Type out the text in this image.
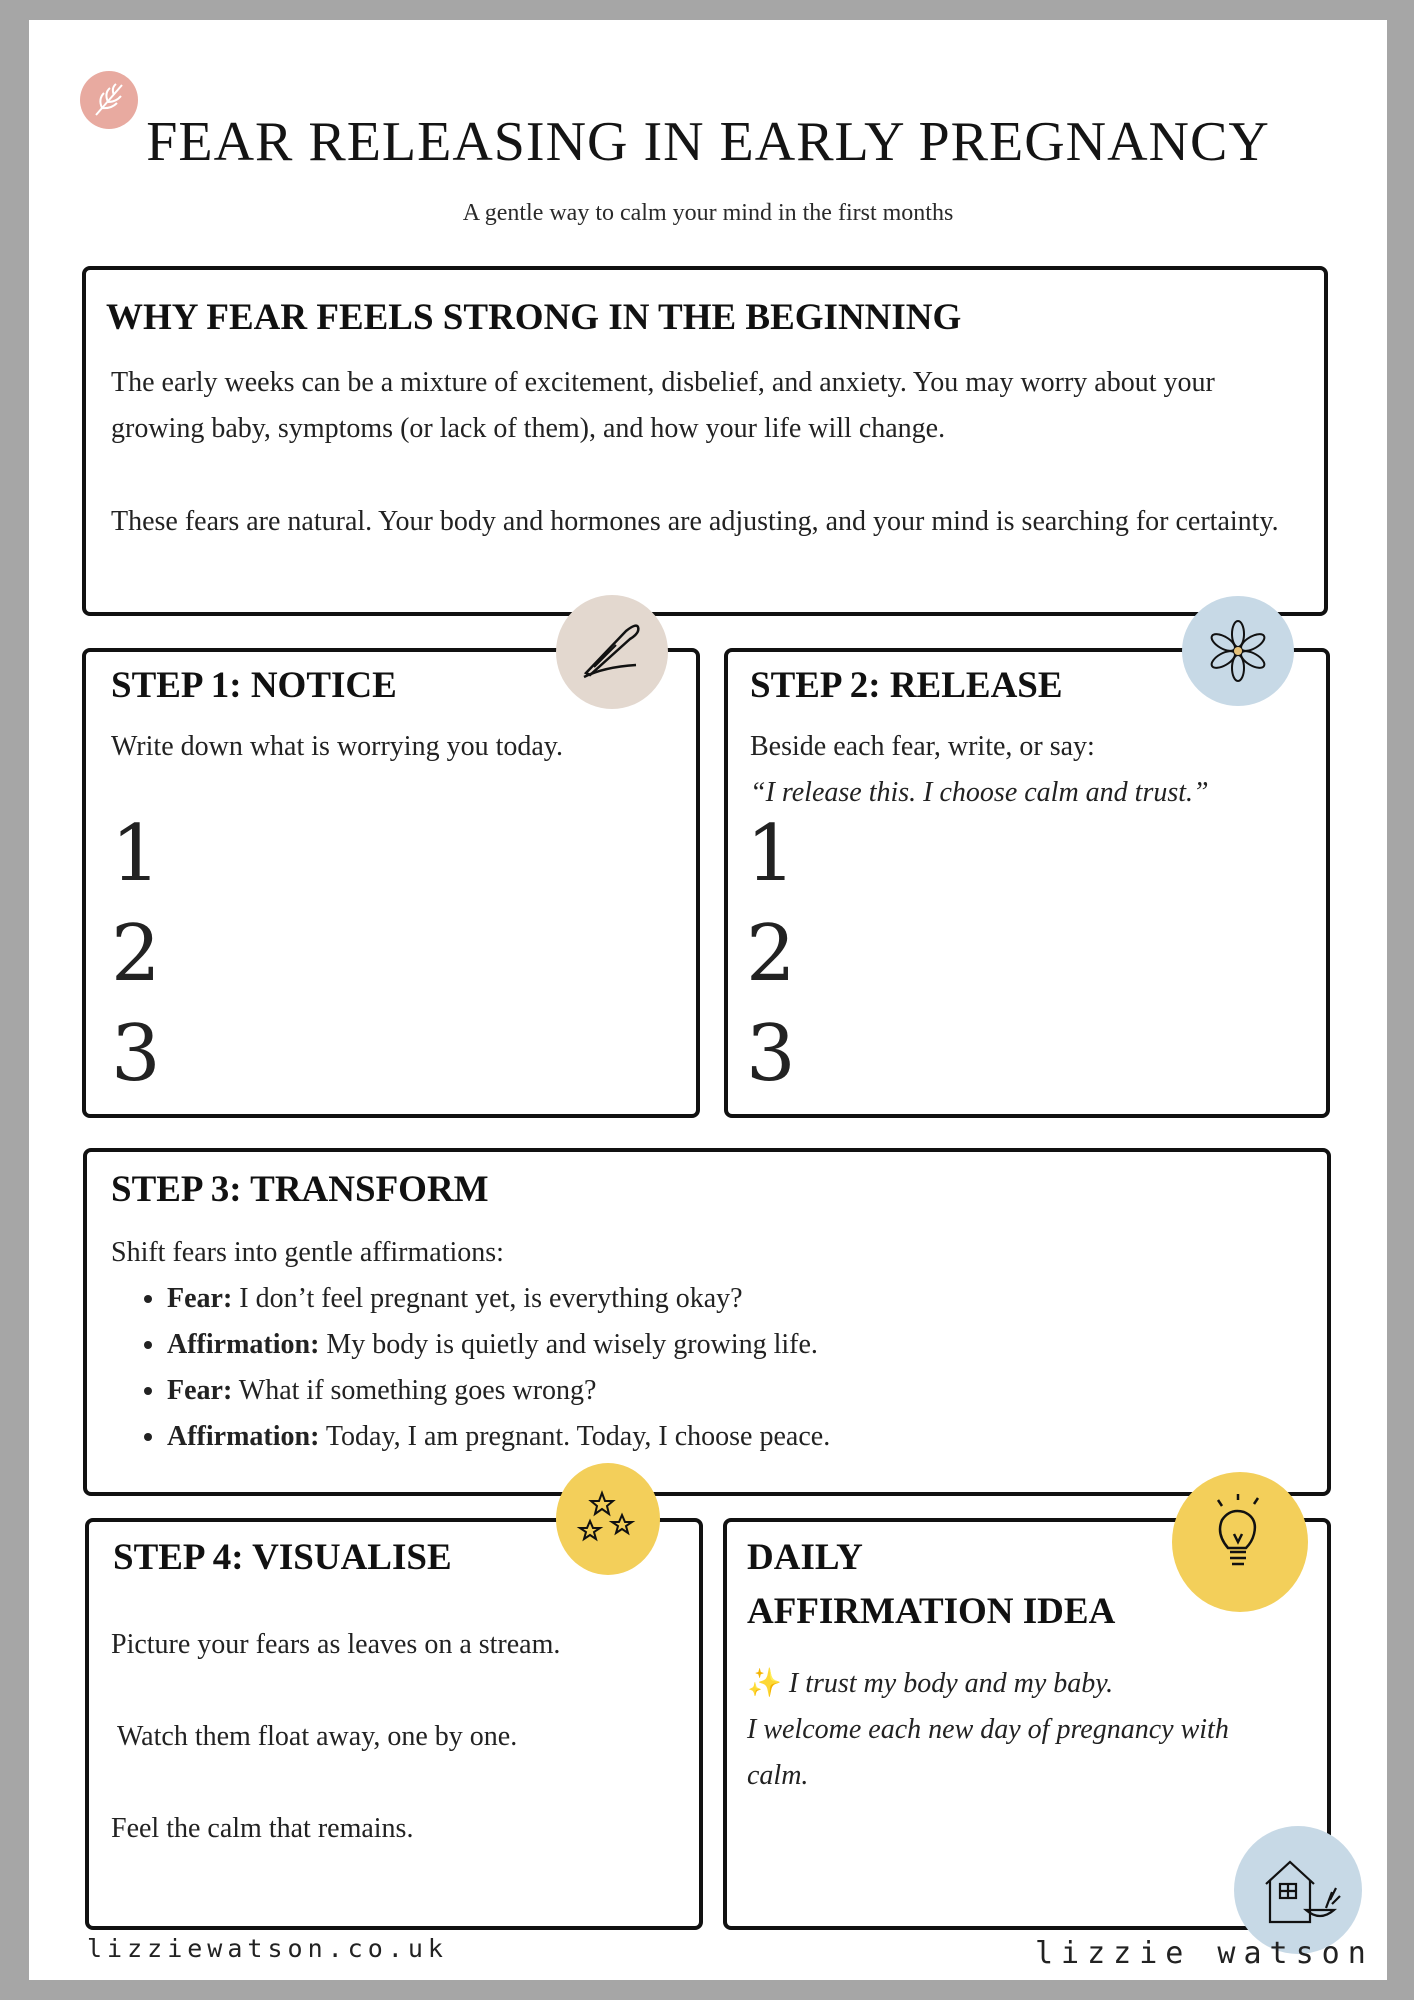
FEAR RELEASING IN EARLY PREGNANCY
A gentle way to calm your mind in the first months
WHY FEAR FEELS STRONG IN THE BEGINNING
The early weeks can be a mixture of excitement, disbelief, and anxiety. You may worry about your growing baby, symptoms (or lack of them), and how your life will change.
These fears are natural. Your body and hormones are adjusting, and your mind is searching for certainty.
STEP 1: NOTICE
Write down what is worrying you today.
1
2
3
STEP 2: RELEASE
Beside each fear, write, or say:
“I release this. I choose calm and trust.”
1
2
3
STEP 3: TRANSFORM
Shift fears into gentle affirmations:
• Fear: I don’t feel pregnant yet, is everything okay?
• Affirmation: My body is quietly and wisely growing life.
• Fear: What if something goes wrong?
• Affirmation: Today, I am pregnant. Today, I choose peace.
STEP 4: VISUALISE
Picture your fears as leaves on a stream.
Watch them float away, one by one.
Feel the calm that remains.
DAILY
AFFIRMATION IDEA
✨ I trust my body and my baby.
I welcome each new day of pregnancy with calm.
lizziewatson.co.uk	lizzie watson
